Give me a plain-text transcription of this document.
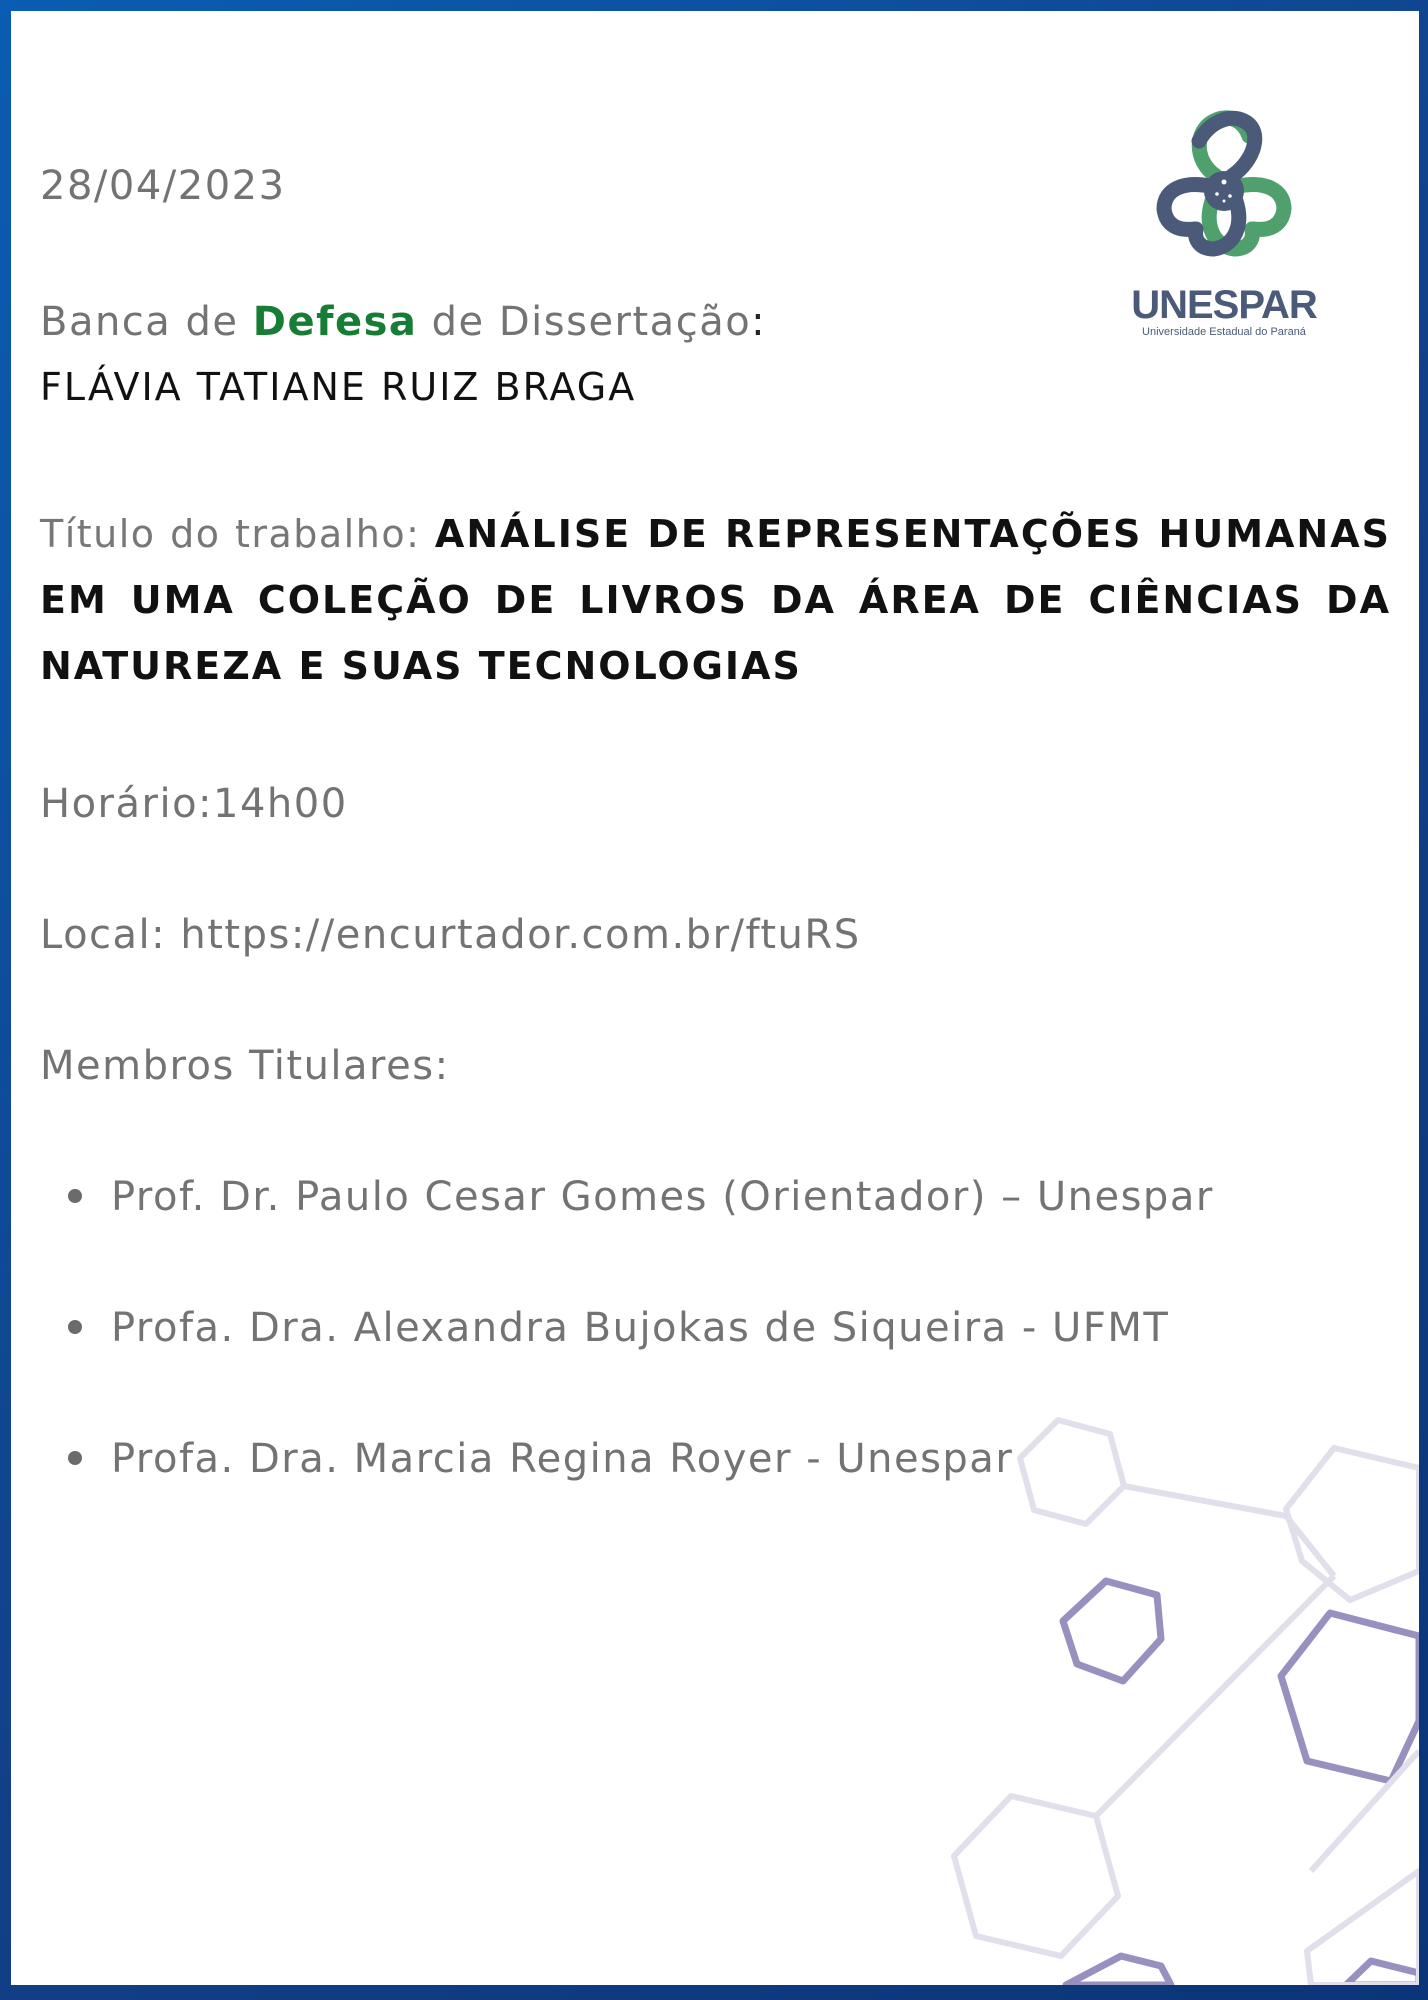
UNESPAR
Universidade Estadual do Paraná
28/04/2023
Banca de Defesa de Dissertação:
FLÁVIA TATIANE RUIZ BRAGA
Título do trabalho: ANÁLISE DE REPRESENTAÇÕES HUMANAS EM UMA COLEÇÃO DE LIVROS DA ÁREA DE CIÊNCIAS DA NATUREZA E SUAS TECNOLOGIAS
Horário:14h00
Local: https://encurtador.com.br/ftuRS
Membros Titulares:
Prof. Dr. Paulo Cesar Gomes (Orientador) – Unespar
Profa. Dra. Alexandra Bujokas de Siqueira - UFMT
Profa. Dra. Marcia Regina Royer - Unespar
